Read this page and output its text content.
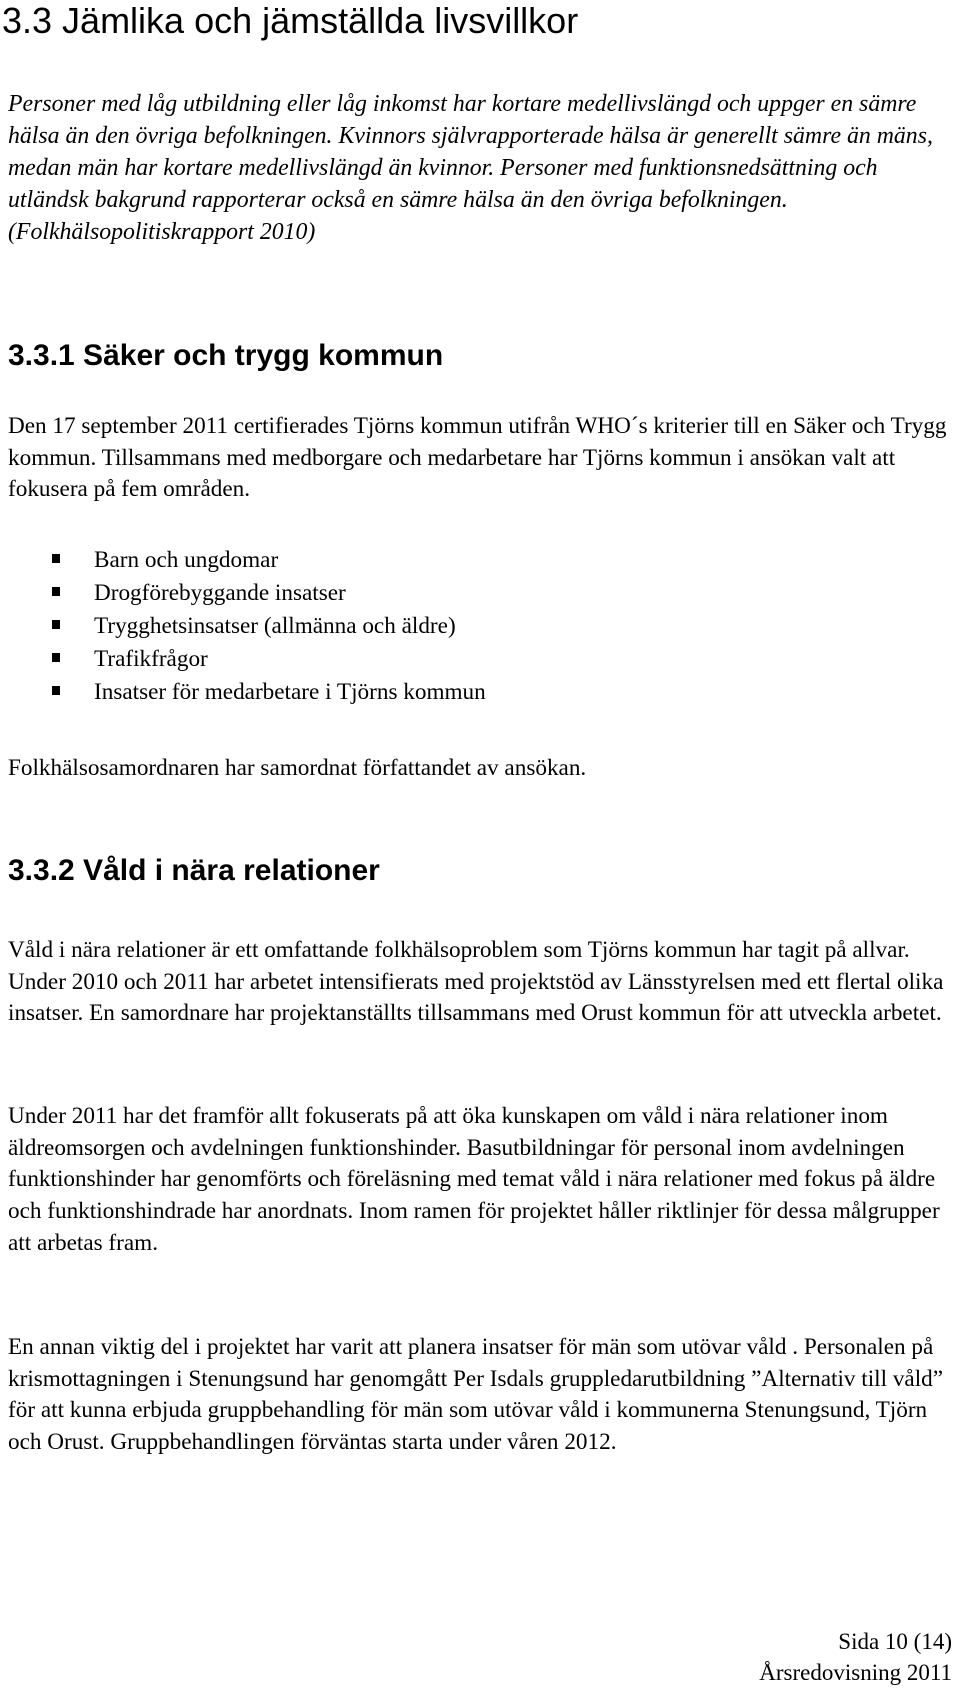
3.3 Jämlika och jämställda livsvillkor

Personer med låg utbildning eller låg inkomst har kortare medellivslängd och uppger en sämre hälsa än den övriga befolkningen. Kvinnors självrapporterade hälsa är generellt sämre än mäns, medan män har kortare medellivslängd än kvinnor. Personer med funktionsnedsättning och utländsk bakgrund rapporterar också en sämre hälsa än den övriga befolkningen.(Folkhälsopolitiskrapport 2010)

3.3.1 Säker och trygg kommun

Den 17 september 2011 certifierades Tjörns kommun utifrån WHO´s kriterier till en Säker och Trygg kommun. Tillsammans med medborgare och medarbetare har Tjörns kommun i ansökan valt att fokusera på fem områden.

Barn och ungdomar
Drogförebyggande insatser
Trygghetsinsatser (allmänna och äldre)
Trafikfrågor
Insatser för medarbetare i Tjörns kommun

Folkhälsosamordnaren har samordnat författandet av ansökan.

3.3.2 Våld i nära relationer

Våld i nära relationer är ett omfattande folkhälsoproblem som Tjörns kommun har tagit på allvar. Under 2010 och 2011 har arbetet intensifierats med projektstöd av Länsstyrelsen med ett flertal olika insatser. En samordnare har projektanställts tillsammans med Orust kommun för att utveckla arbetet.

Under 2011 har det framför allt fokuserats på att öka kunskapen om våld i nära relationer inom äldreomsorgen och avdelningen funktionshinder. Basutbildningar för personal inom avdelningen funktionshinder har genomförts och föreläsning med temat våld i nära relationer med fokus på äldre och funktionshindrade har anordnats. Inom ramen för projektet håller riktlinjer för dessa målgrupper att arbetas fram.

En annan viktig del i projektet har varit att planera insatser för män som utövar våld . Personalen på krismottagningen i Stenungsund har genomgått Per Isdals gruppledarutbildning ”Alternativ till våld” för att kunna erbjuda gruppbehandling för män som utövar våld i kommunerna Stenungsund, Tjörn och Orust. Gruppbehandlingen förväntas starta under våren 2012.

Sida 10 (14)
Årsredovisning 2011
